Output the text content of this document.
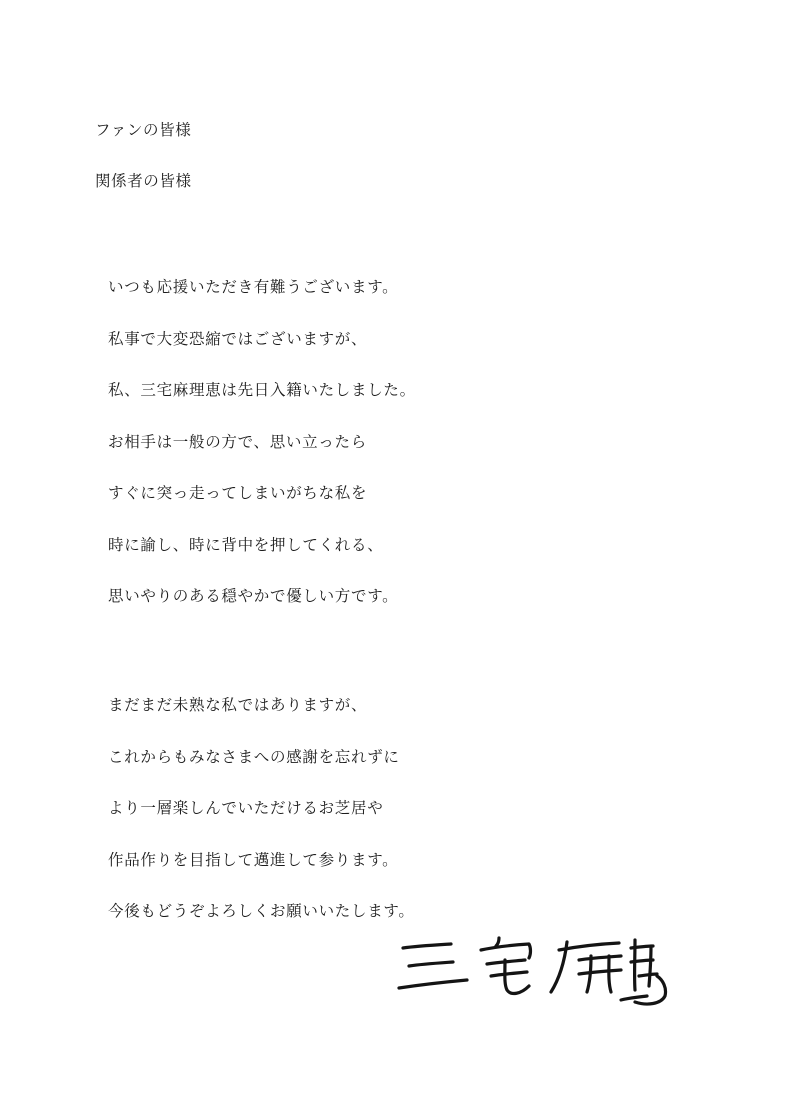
ファンの皆様
関係者の皆様
いつも応援いただき有難うございます。
私事で大変恐縮ではございますが、
私、三宅麻理恵は先日入籍いたしました。
お相手は一般の方で、思い立ったら
すぐに突っ走ってしまいがちな私を
時に諭し、時に背中を押してくれる、
思いやりのある穏やかで優しい方です。
まだまだ未熟な私ではありますが、
これからもみなさまへの感謝を忘れずに
より一層楽しんでいただけるお芝居や
作品作りを目指して邁進して参ります。
今後もどうぞよろしくお願いいたします。
